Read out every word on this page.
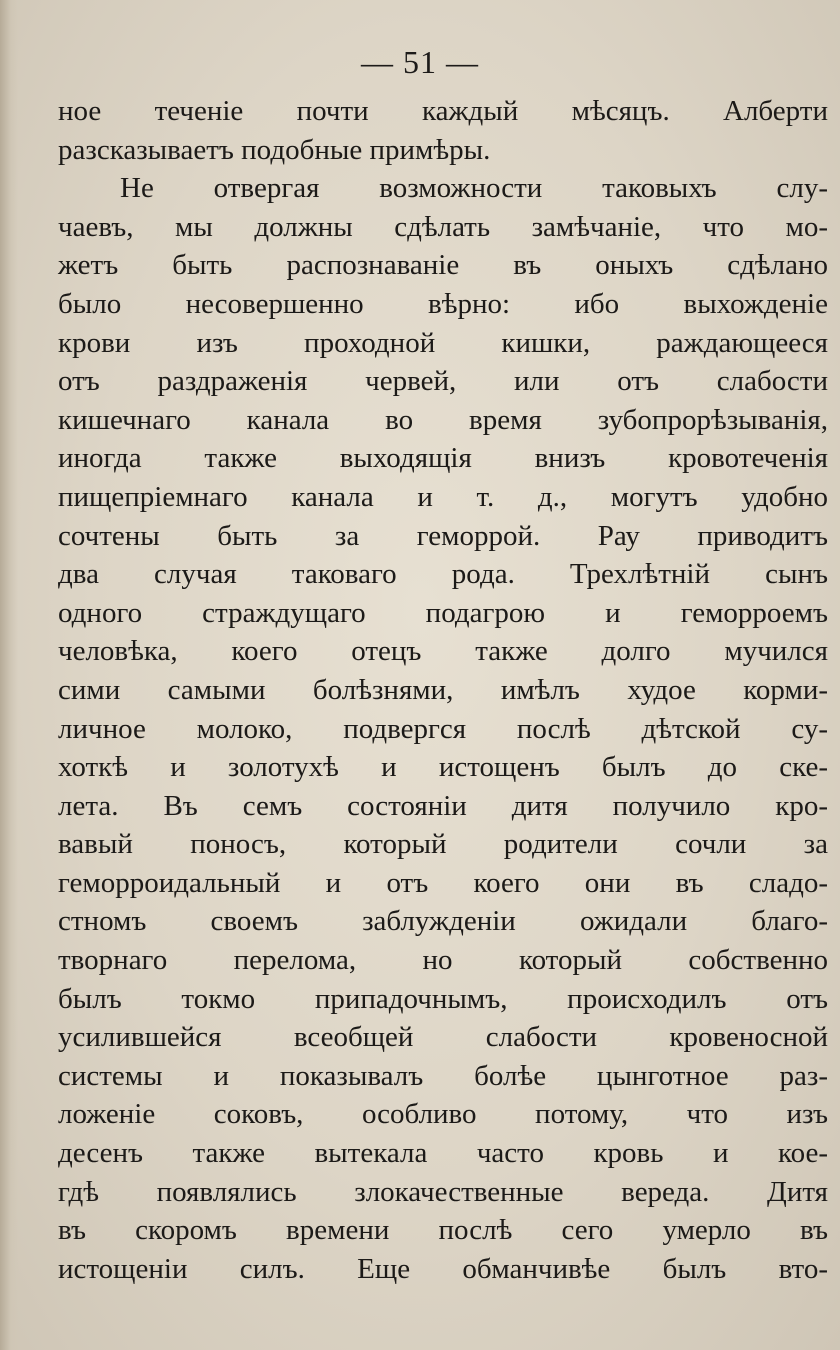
— 51 —
ное теченіе почти каждый мѣсяцъ. Алберти
разсказываетъ подобные примѣры.
Не отвергая возможности таковыхъ слу-
чаевъ, мы должны сдѣлать замѣчаніе, что мо-
жетъ быть распознаваніе въ оныхъ сдѣлано
было несовершенно вѣрно: ибо выхожденіе
крови изъ проходной кишки, раждающееся
отъ раздраженія червей, или отъ слабости
кишечнаго канала во время зубопрорѣзыванія,
иногда также выходящія внизъ кровотеченія
пищепріемнаго канала и т. д., могутъ удобно
сочтены быть за геморрой. Рау приводитъ
два случая таковаго рода. Трехлѣтній сынъ
одного страждущаго подагрою и геморроемъ
человѣка, коего отецъ также долго мучился
сими самыми болѣзнями, имѣлъ худое корми-
личное молоко, подвергся послѣ дѣтской су-
хоткѣ и золотухѣ и истощенъ былъ до ске-
лета. Въ семъ состояніи дитя получило кро-
вавый поносъ, который родители сочли за
геморроидальный и отъ коего они въ сладо-
стномъ своемъ заблужденіи ожидали благо-
творнаго перелома, но который собственно
былъ токмо припадочнымъ, происходилъ отъ
усилившейся всеобщей слабости кровеносной
системы и показывалъ болѣе цынготное раз-
ложеніе соковъ, особливо потому, что изъ
десенъ также вытекала часто кровь и кое-
гдѣ появлялись злокачественные вереда. Дитя
въ скоромъ времени послѣ сего умерло въ
истощеніи силъ. Еще обманчивѣе былъ вто-
